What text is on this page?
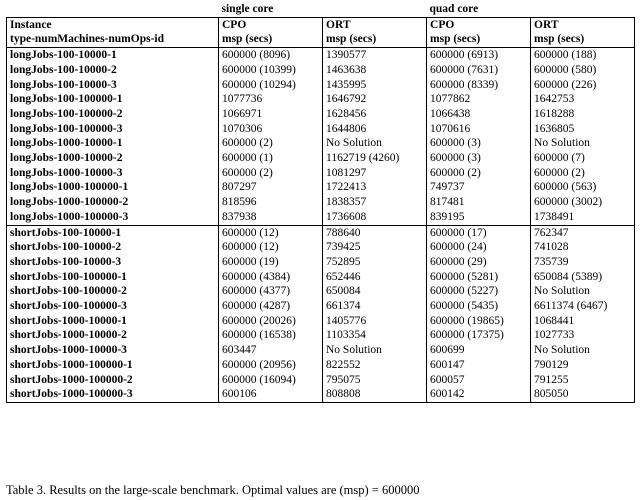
	single core		quad core	
Instance	CPO	ORT	CPO	ORT
type-numMachines-numOps-id	msp (secs)	msp (secs)	msp (secs)	msp (secs)
longJobs-100-10000-1	600000 (8096)	1390577	600000 (6913)	600000 (188)
longJobs-100-10000-2	600000 (10399)	1463638	600000 (7631)	600000 (580)
longJobs-100-10000-3	600000 (10294)	1435995	600000 (8339)	600000 (226)
longJobs-100-100000-1	1077736	1646792	1077862	1642753
longJobs-100-100000-2	1066971	1628456	1066438	1618288
longJobs-100-100000-3	1070306	1644806	1070616	1636805
longJobs-1000-10000-1	600000 (2)	No Solution	600000 (3)	No Solution
longJobs-1000-10000-2	600000 (1)	1162719 (4260)	600000 (3)	600000 (7)
longJobs-1000-10000-3	600000 (2)	1081297	600000 (2)	600000 (2)
longJobs-1000-100000-1	807297	1722413	749737	600000 (563)
longJobs-1000-100000-2	818596	1838357	817481	600000 (3002)
longJobs-1000-100000-3	837938	1736608	839195	1738491
shortJobs-100-10000-1	600000 (12)	788640	600000 (17)	762347
shortJobs-100-10000-2	600000 (12)	739425	600000 (24)	741028
shortJobs-100-10000-3	600000 (19)	752895	600000 (29)	735739
shortJobs-100-100000-1	600000 (4384)	652446	600000 (5281)	650084 (5389)
shortJobs-100-100000-2	600000 (4377)	650084	600000 (5227)	No Solution
shortJobs-100-100000-3	600000 (4287)	661374	600000 (5435)	6611374 (6467)
shortJobs-1000-10000-1	600000 (20026)	1405776	600000 (19865)	1068441
shortJobs-1000-10000-2	600000 (16538)	1103354	600000 (17375)	1027733
shortJobs-1000-10000-3	603447	No Solution	600699	No Solution
shortJobs-1000-100000-1	600000 (20956)	822552	600147	790129
shortJobs-1000-100000-2	600000 (16094)	795075	600057	791255
shortJobs-1000-100000-3	600106	808808	600142	805050
Table 3. Results on the large-scale benchmark. Optimal values are (msp) = 600000
